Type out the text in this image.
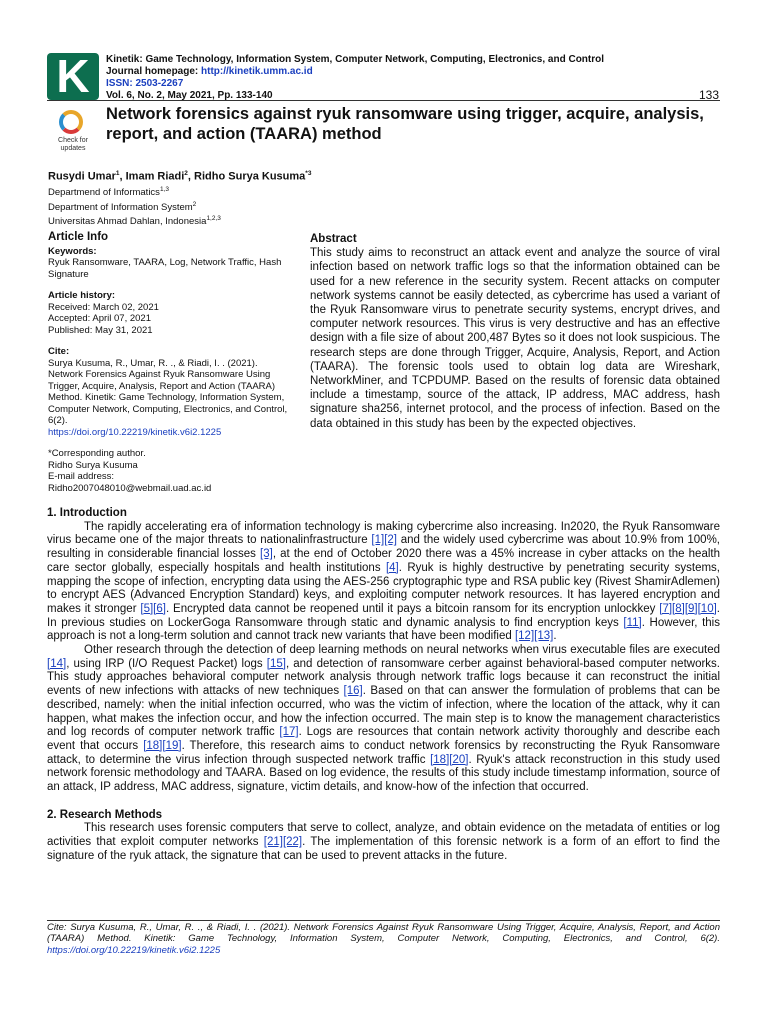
K	Kinetik: Game Technology, Information System, Computer Network, Computing, Electronics, and Control
Journal homepage: http://kinetik.umm.ac.id
ISSN: 2503-2267
Vol. 6, No. 2, May 2021, Pp. 133-140	133
Check for
updates
Network forensics against ryuk ransomware using trigger, acquire, analysis, report, and action (TAARA) method
Rusydi Umar$^1$, Imam Riadi$^2$, Ridho Surya Kusuma$^{*3}$
Departmend of Informatics$^{1,3}$
Department of Information System$^2$
Universitas Ahmad Dahlan, Indonesia$^{1,2,3}$
Article Info
Keywords:
Ryuk Ransomware, TAARA, Log, Network Traffic, Hash Signature
Article history:
Received: March 02, 2021
Accepted: April 07, 2021
Published: May 31, 2021
Cite:
Surya Kusuma, R., Umar, R. ., & Riadi, I. . (2021). Network Forensics Against Ryuk Ransomware Using Trigger, Acquire, Analysis, Report and Action (TAARA) Method. Kinetik: Game Technology, Information System, Computer Network, Computing, Electronics, and Control, 6(2).
https://doi.org/10.22219/kinetik.v6i2.1225
*Corresponding author.
Ridho Surya Kusuma
E-mail address:
Ridho2007048010@webmail.uad.ac.id
Abstract
This study aims to reconstruct an attack event and analyze the source of viral infection based on network traffic logs so that the information obtained can be used for a new reference in the security system. Recent attacks on computer network systems cannot be easily detected, as cybercrime has used a variant of the Ryuk Ransomware virus to penetrate security systems, encrypt drives, and computer network resources. This virus is very destructive and has an effective design with a file size of about 200,487 Bytes so it does not look suspicious. The research steps are done through Trigger, Acquire, Analysis, Report, and Action (TAARA). The forensic tools used to obtain log data are Wireshark, NetworkMiner, and TCPDUMP. Based on the results of forensic data obtained include a timestamp, source of the attack, IP address, MAC address, hash signature sha256, internet protocol, and the process of infection. Based on the data obtained in this study has been by the expected objectives.
1. Introduction

The rapidly accelerating era of information technology is making cybercrime also increasing. In2020, the Ryuk Ransomware virus became one of the major threats to nationalinfrastructure [1][2] and the widely used cybercrime was about 10.9% from 100%, resulting in considerable financial losses [3], at the end of October 2020 there was a 45% increase in cyber attacks on the health care sector globally, especially hospitals and health institutions [4]. Ryuk is highly destructive by penetrating security systems, mapping the scope of infection, encrypting data using the AES-256 cryptographic type and RSA public key (Rivest ShamirAdlemen) to encrypt AES (Advanced Encryption Standard) keys, and exploiting computer network resources. It has layered encryption and makes it stronger [5][6]. Encrypted data cannot be reopened until it pays a bitcoin ransom for its encryption unlockkey [7][8][9][10]. In previous studies on LockerGoga Ransomware through static and dynamic analysis to find encryption keys [11]. However, this approach is not a long-term solution and cannot track new variants that have been modified [12][13].

Other research through the detection of deep learning methods on neural networks when virus executable files are executed [14], using IRP (I/O Request Packet) logs [15], and detection of ransomware cerber against behavioral-based computer networks. This study approaches behavioral computer network analysis through network traffic logs because it can reconstruct the initial events of new infections with attacks of new techniques [16]. Based on that can answer the formulation of problems that can be described, namely: when the initial infection occurred, who was the victim of infection, where the location of the attack, why it can happen, what makes the infection occur, and how the infection occurred. The main step is to know the management characteristics and log records of computer network traffic [17]. Logs are resources that contain network activity thoroughly and describe each event that occurs [18][19]. Therefore, this research aims to conduct network forensics by reconstructing the Ryuk Ransomware attack, to determine the virus infection through suspected network traffic [18][20]. Ryuk's attack reconstruction in this study used network forensic methodology and TAARA. Based on log evidence, the results of this study include timestamp information, source of an attack, IP address, MAC address, signature, victim details, and know-how of the infection that occurred.

2. Research Methods

This research uses forensic computers that serve to collect, analyze, and obtain evidence on the metadata of entities or log activities that exploit computer networks [21][22]. The implementation of this forensic network is a form of an effort to find the signature of the ryuk attack, the signature that can be used to prevent attacks in the future.

Cite: Surya Kusuma, R., Umar, R. ., & Riadi, I. . (2021). Network Forensics Against Ryuk Ransomware Using Trigger, Acquire, Analysis, Report, and Action (TAARA) Method. Kinetik: Game Technology, Information System, Computer Network, Computing, Electronics, and Control, 6(2). https://doi.org/10.22219/kinetik.v6i2.1225
